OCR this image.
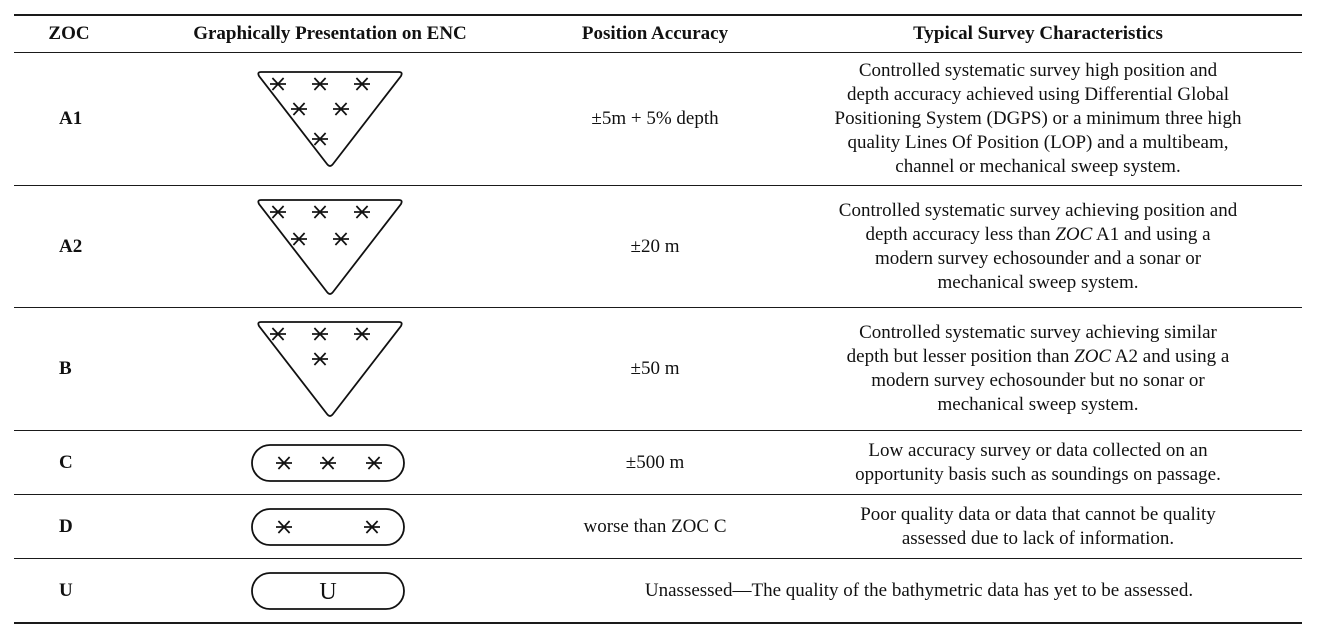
ZOC	Graphically Presentation on ENC	Position Accuracy	Typical Survey Characteristics
A1		±5m + 5% depth	Controlled systematic survey high position and
depth accuracy achieved using Differential Global
Positioning System (DGPS) or a minimum three high
quality Lines Of Position (LOP) and a multibeam,
channel or mechanical sweep system.

A2		±20 m	Controlled systematic survey achieving position and
depth accuracy less than ZOC A1 and using a
modern survey echosounder and a sonar or
mechanical sweep system.

B		±50 m	Controlled systematic survey achieving similar
depth but lesser position than ZOC A2 and using a
modern survey echosounder but no sonar or
mechanical sweep system.

C		±500 m	Low accuracy survey or data collected on an
opportunity basis such as soundings on passage.

D		worse than ZOC C	Poor quality data or data that cannot be quality
assessed due to lack of information.

U	U	Unassessed—The quality of the bathymetric data has yet to be assessed.	
